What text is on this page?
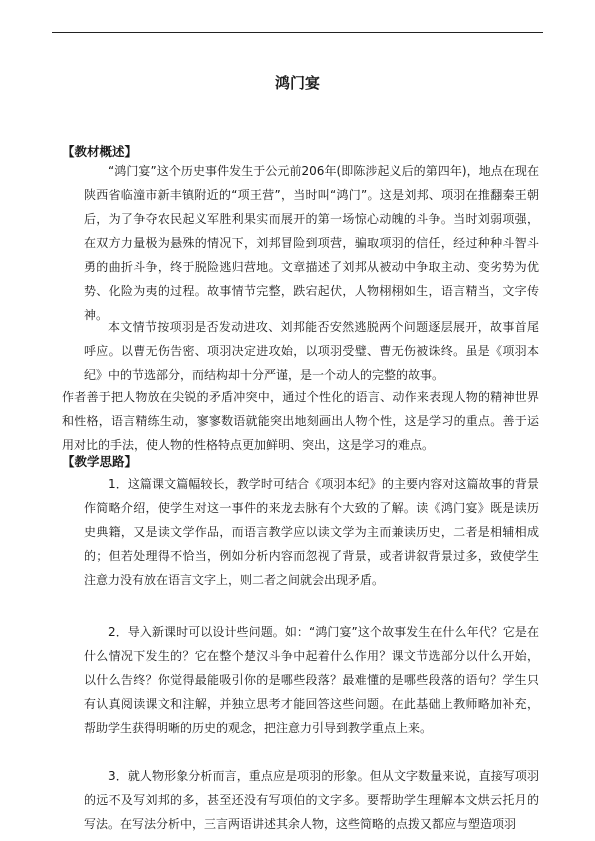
鸿门宴
【教材概述】

“鸿门宴”这个历史事件发生于公元前206年(即陈涉起义后的第四年)，地点在现在陕西省临潼市新丰镇附近的“项王营”，当时叫“鸿门”。这是刘邦、项羽在推翻秦王朝后，为了争夺农民起义军胜利果实而展开的第一场惊心动魄的斗争。当时刘弱项强，在双方力量极为悬殊的情况下，刘邦冒险到项营，骗取项羽的信任，经过种种斗智斗勇的曲折斗争，终于脱险逃归营地。文章描述了刘邦从被动中争取主动、变劣势为优势、化险为夷的过程。故事情节完整，跌宕起伏，人物栩栩如生，语言精当，文字传神。

本文情节按项羽是否发动进攻、刘邦能否安然逃脱两个问题逐层展开，故事首尾呼应。以曹无伤告密、项羽决定进攻始，以项羽受璧、曹无伤被诛终。虽是《项羽本纪》中的节选部分，而结构却十分严谨，是一个动人的完整的故事。

作者善于把人物放在尖锐的矛盾冲突中，通过个性化的语言、动作来表现人物的精神世界和性格，语言精练生动，寥寥数语就能突出地刻画出人物个性，这是学习的重点。善于运用对比的手法，使人物的性格特点更加鲜明、突出，这是学习的难点。

【教学思路】

1．这篇课文篇幅较长，教学时可结合《项羽本纪》的主要内容对这篇故事的背景作简略介绍，使学生对这一事件的来龙去脉有个大致的了解。读《鸿门宴》既是读历史典籍，又是读文学作品，而语言教学应以读文学为主而兼读历史，二者是相辅相成的；但若处理得不恰当，例如分析内容而忽视了背景，或者讲叙背景过多，致使学生注意力没有放在语言文字上，则二者之间就会出现矛盾。

2．导入新课时可以设计些问题。如：“鸿门宴”这个故事发生在什么年代？它是在什么情况下发生的？它在整个楚汉斗争中起着什么作用？课文节选部分以什么开始，以什么告终？你觉得最能吸引你的是哪些段落？最难懂的是哪些段落的语句？学生只有认真阅读课文和注解，并独立思考才能回答这些问题。在此基础上教师略加补充，帮助学生获得明晰的历史的观念，把注意力引导到教学重点上来。

3．就人物形象分析而言，重点应是项羽的形象。但从文字数量来说，直接写项羽的远不及写刘邦的多，甚至还没有写项伯的文字多。要帮助学生理解本文烘云托月的写法。在写法分析中，三言两语讲述其余人物，这些简略的点拨又都应与塑造项羽
